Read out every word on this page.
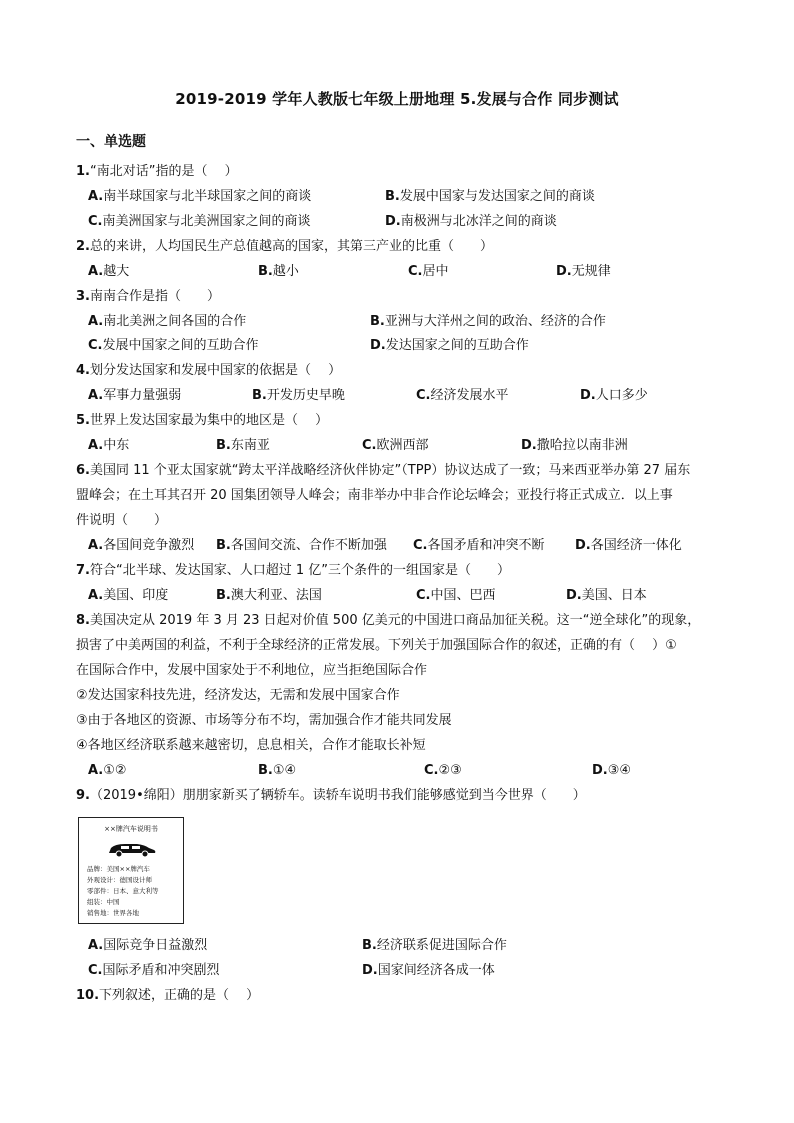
2019-2019 学年人教版七年级上册地理 5.发展与合作 同步测试
一、单选题
1.“南北对话”指的是（　 ）
A.南半球国家与北半球国家之间的商谈	B.发展中国家与发达国家之间的商谈
C.南美洲国家与北美洲国家之间的商谈	D.南极洲与北冰洋之间的商谈
2.总的来讲，人均国民生产总值越高的国家，其第三产业的比重（　　）
A.越大	B.越小	C.居中	D.无规律
3.南南合作是指（　　）
A.南北美洲之间各国的合作	B.亚洲与大洋州之间的政治、经济的合作
C.发展中国家之间的互助合作	D.发达国家之间的互助合作
4.划分发达国家和发展中国家的依据是（　 ）
A.军事力量强弱	B.开发历史早晚	C.经济发展水平	D.人口多少
5.世界上发达国家最为集中的地区是（　 ）
A.中东	B.东南亚	C.欧洲西部	D.撒哈拉以南非洲
6.美国同 11 个亚太国家就“跨太平洋战略经济伙伴协定”（TPP）协议达成了一致；马来西亚举办第 27 届东
盟峰会；在土耳其召开 20 国集团领导人峰会；南非举办中非合作论坛峰会；亚投行将正式成立．以上事
件说明（　　）
A.各国间竞争激烈 B.各国间交流、合作不断加强 C.各国矛盾和冲突不断 D.各国经济一体化
7.符合“北半球、发达国家、人口超过 1 亿”三个条件的一组国家是（　　）
A.美国、印度	B.澳大利亚、法国	C.中国、巴西	D.美国、日本
8.美国决定从 2019 年 3 月 23 日起对价值 500 亿美元的中国进口商品加征关税。这一“逆全球化”的现象，
损害了中美两国的利益，不利于全球经济的正常发展。下列关于加强国际合作的叙述，正确的有（　 ）①
在国际合作中，发展中国家处于不利地位，应当拒绝国际合作
②发达国家科技先进，经济发达，无需和发展中国家合作
③由于各地区的资源、市场等分布不均，需加强合作才能共同发展
④各地区经济联系越来越密切，息息相关，合作才能取长补短
A.①②	B.①④	C.②③	D.③④
9.（2019•绵阳）朋朋家新买了辆轿车。读轿车说明书我们能够感觉到当今世界（　　）
××牌汽车说明书
品牌：美国××牌汽车
外观设计：德国设计师
零部件：日本、意大利等
组装：中国
销售地：世界各地
A.国际竞争日益激烈	B.经济联系促进国际合作
C.国际矛盾和冲突剧烈	D.国家间经济各成一体
10.下列叙述，正确的是（　 ）
